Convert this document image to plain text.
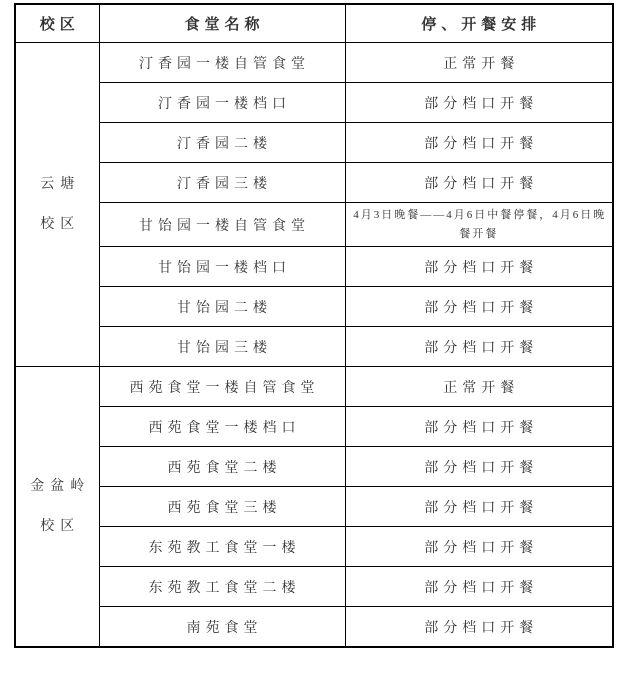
校区	食堂名称	停、开餐安排

云塘
校区	汀香园一楼自管食堂	正常开餐
	汀香园一楼档口	部分档口开餐
	汀香园二楼	部分档口开餐
	汀香园三楼	部分档口开餐
	甘饴园一楼自管食堂	4月3日晚餐——4月6日中餐停餐，4月6日晚餐开餐
	甘饴园一楼档口	部分档口开餐
	甘饴园二楼	部分档口开餐
	甘饴园三楼	部分档口开餐

金盆岭
校区	西苑食堂一楼自管食堂	正常开餐
	西苑食堂一楼档口	部分档口开餐
	西苑食堂二楼	部分档口开餐
	西苑食堂三楼	部分档口开餐
	东苑教工食堂一楼	部分档口开餐
	东苑教工食堂二楼	部分档口开餐
	南苑食堂	部分档口开餐
